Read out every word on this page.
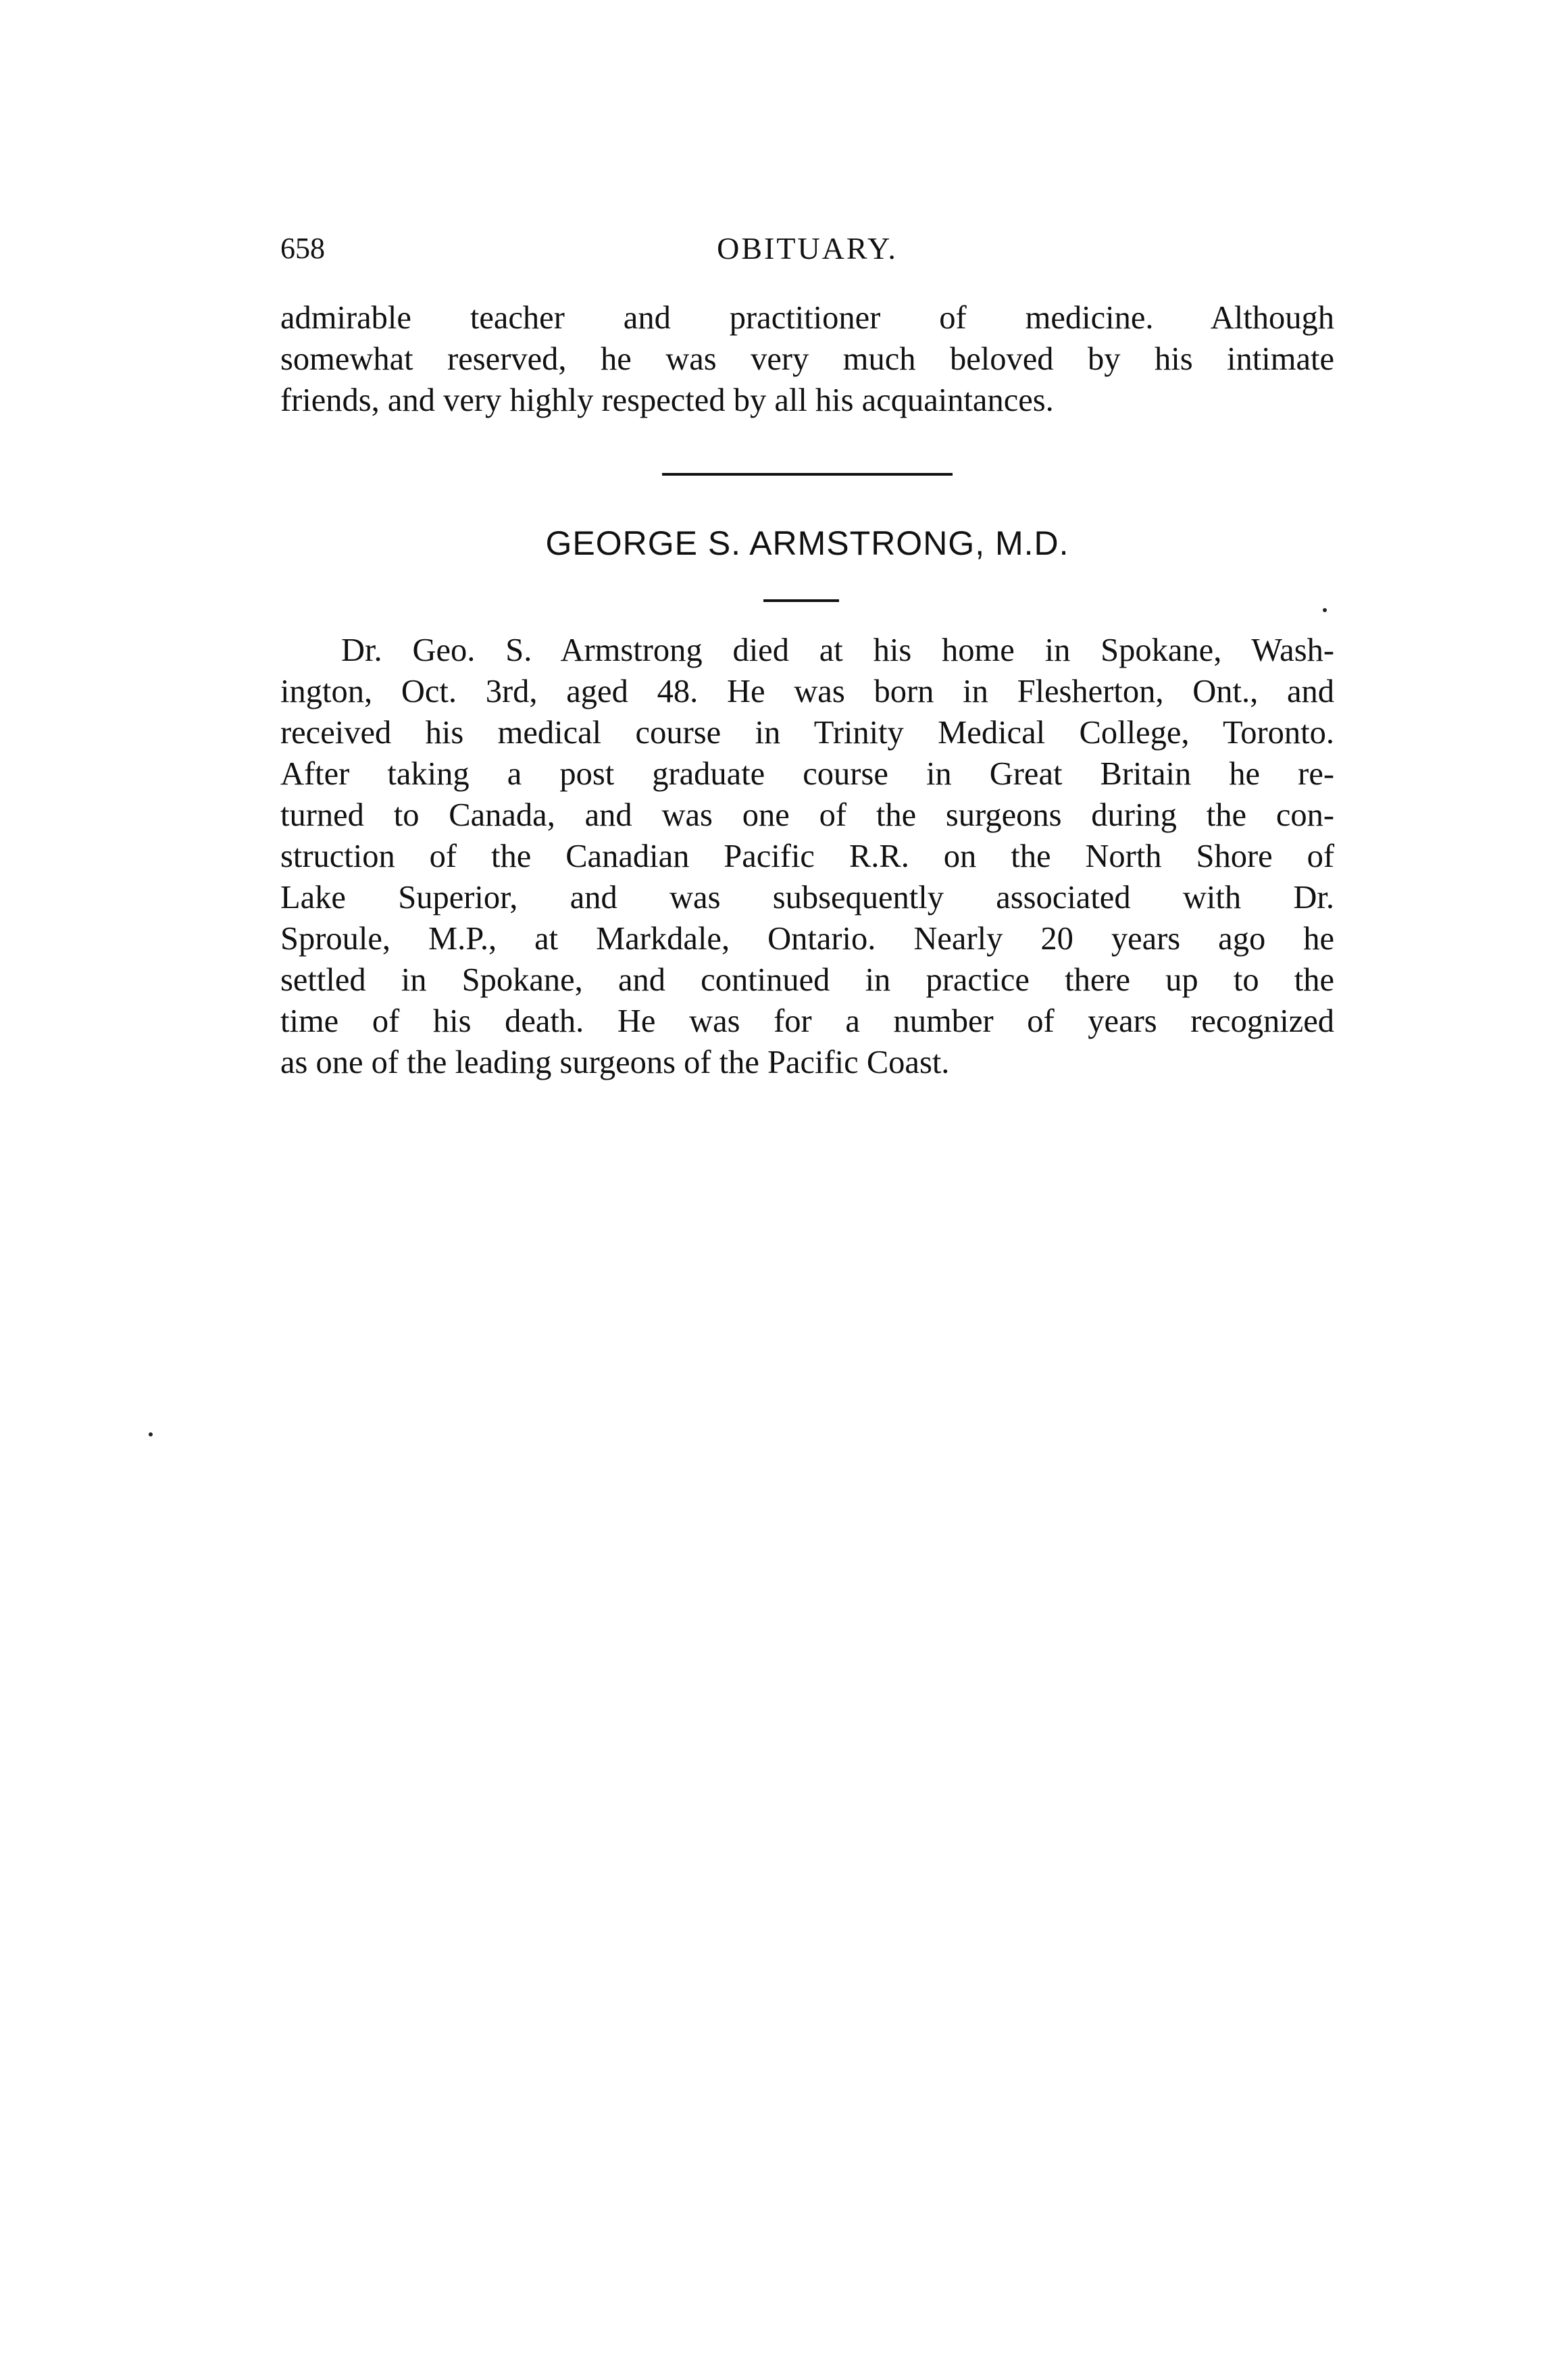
658	OBITUARY.
admirable teacher and practitioner of medicine. Although
somewhat reserved, he was very much beloved by his intimate
friends, and very highly respected by all his acquaintances.
GEORGE S. ARMSTRONG, M.D.
Dr. Geo. S. Armstrong died at his home in Spokane, Wash-
ington, Oct. 3rd, aged 48. He was born in Flesherton, Ont., and
received his medical course in Trinity Medical College, Toronto.
After taking a post graduate course in Great Britain he re-
turned to Canada, and was one of the surgeons during the con-
struction of the Canadian Pacific R.R. on the North Shore of
Lake Superior, and was subsequently associated with Dr.
Sproule, M.P., at Markdale, Ontario. Nearly 20 years ago he
settled in Spokane, and continued in practice there up to the
time of his death. He was for a number of years recognized
as one of the leading surgeons of the Pacific Coast.
